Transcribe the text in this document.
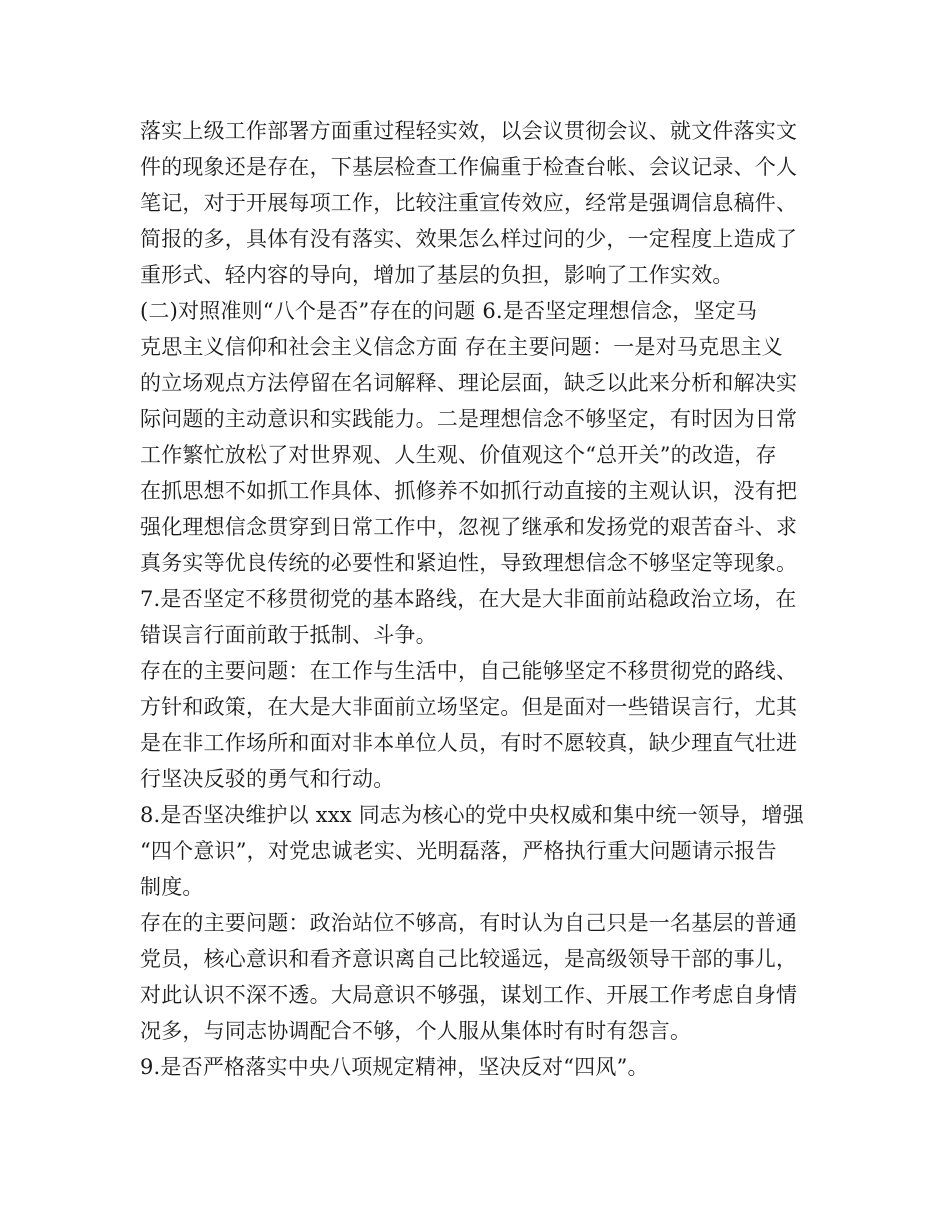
落实上级工作部署方面重过程轻实效，以会议贯彻会议、就文件落实文
件的现象还是存在，下基层检查工作偏重于检查台帐、会议记录、个人
笔记，对于开展每项工作，比较注重宣传效应，经常是强调信息稿件、
简报的多，具体有没有落实、效果怎么样过问的少，一定程度上造成了
重形式、轻内容的导向，增加了基层的负担，影响了工作实效。
(二)对照准则“八个是否”存在的问题 6.是否坚定理想信念，坚定马
克思主义信仰和社会主义信念方面 存在主要问题：一是对马克思主义
的立场观点方法停留在名词解释、理论层面，缺乏以此来分析和解决实
际问题的主动意识和实践能力。二是理想信念不够坚定，有时因为日常
工作繁忙放松了对世界观、人生观、价值观这个“总开关”的改造，存
在抓思想不如抓工作具体、抓修养不如抓行动直接的主观认识，没有把
强化理想信念贯穿到日常工作中，忽视了继承和发扬党的艰苦奋斗、求
真务实等优良传统的必要性和紧迫性，导致理想信念不够坚定等现象。
7.是否坚定不移贯彻党的基本路线，在大是大非面前站稳政治立场，在
错误言行面前敢于抵制、斗争。
存在的主要问题：在工作与生活中，自己能够坚定不移贯彻党的路线、
方针和政策，在大是大非面前立场坚定。但是面对一些错误言行，尤其
是在非工作场所和面对非本单位人员，有时不愿较真，缺少理直气壮进
行坚决反驳的勇气和行动。
8.是否坚决维护以 xxx 同志为核心的党中央权威和集中统一领导，增强
“四个意识”，对党忠诚老实、光明磊落，严格执行重大问题请示报告
制度。
存在的主要问题：政治站位不够高，有时认为自己只是一名基层的普通
党员，核心意识和看齐意识离自己比较遥远，是高级领导干部的事儿，
对此认识不深不透。大局意识不够强，谋划工作、开展工作考虑自身情
况多，与同志协调配合不够，个人服从集体时有时有怨言。
9.是否严格落实中央八项规定精神，坚决反对“四风”。
